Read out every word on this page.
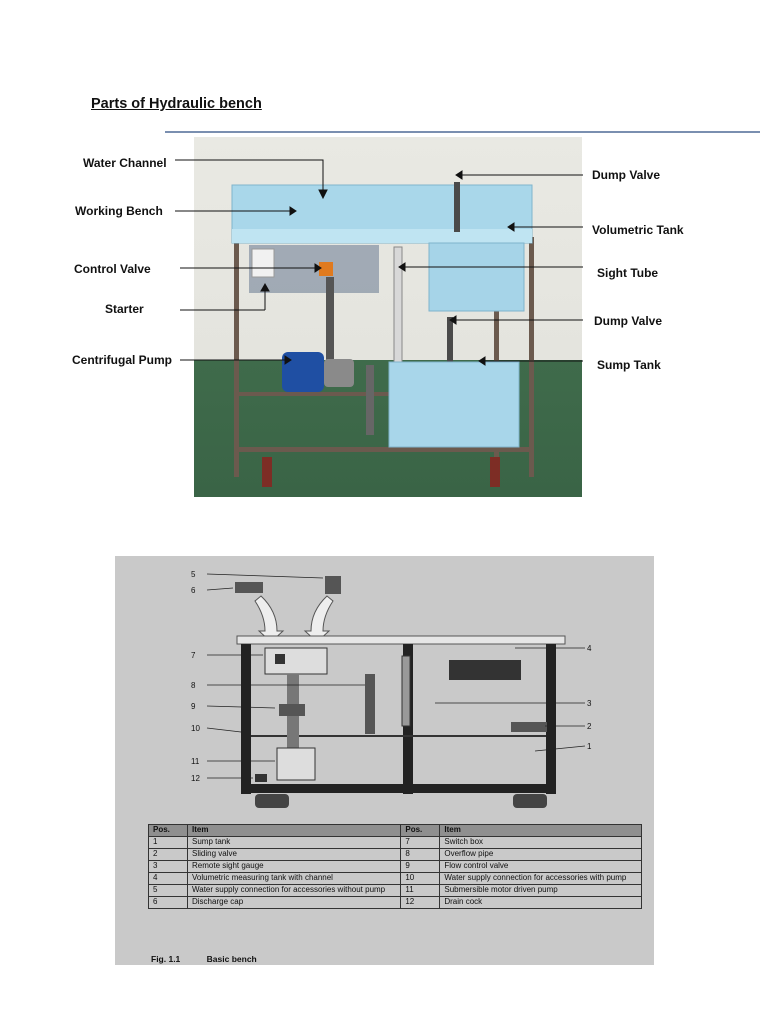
Parts of Hydraulic bench
Water Channel
Working Bench
Control Valve
Starter
Centrifugal Pump
Dump Valve
Volumetric Tank
Sight Tube
Dump Valve
Sump Tank
5
6
7
8
9
10
11
12
4
3
2
1
Pos.	Item	Pos.	Item
1	Sump tank	7	Switch box
2	Sliding valve	8	Overflow pipe
3	Remote sight gauge	9	Flow control valve
4	Volumetric measuring tank with channel	10	Water supply connection for accessories with pump
5	Water supply connection for accessories without pump	11	Submersible motor driven pump
6	Discharge cap	12	Drain cock
Fig. 1.1	Basic bench
